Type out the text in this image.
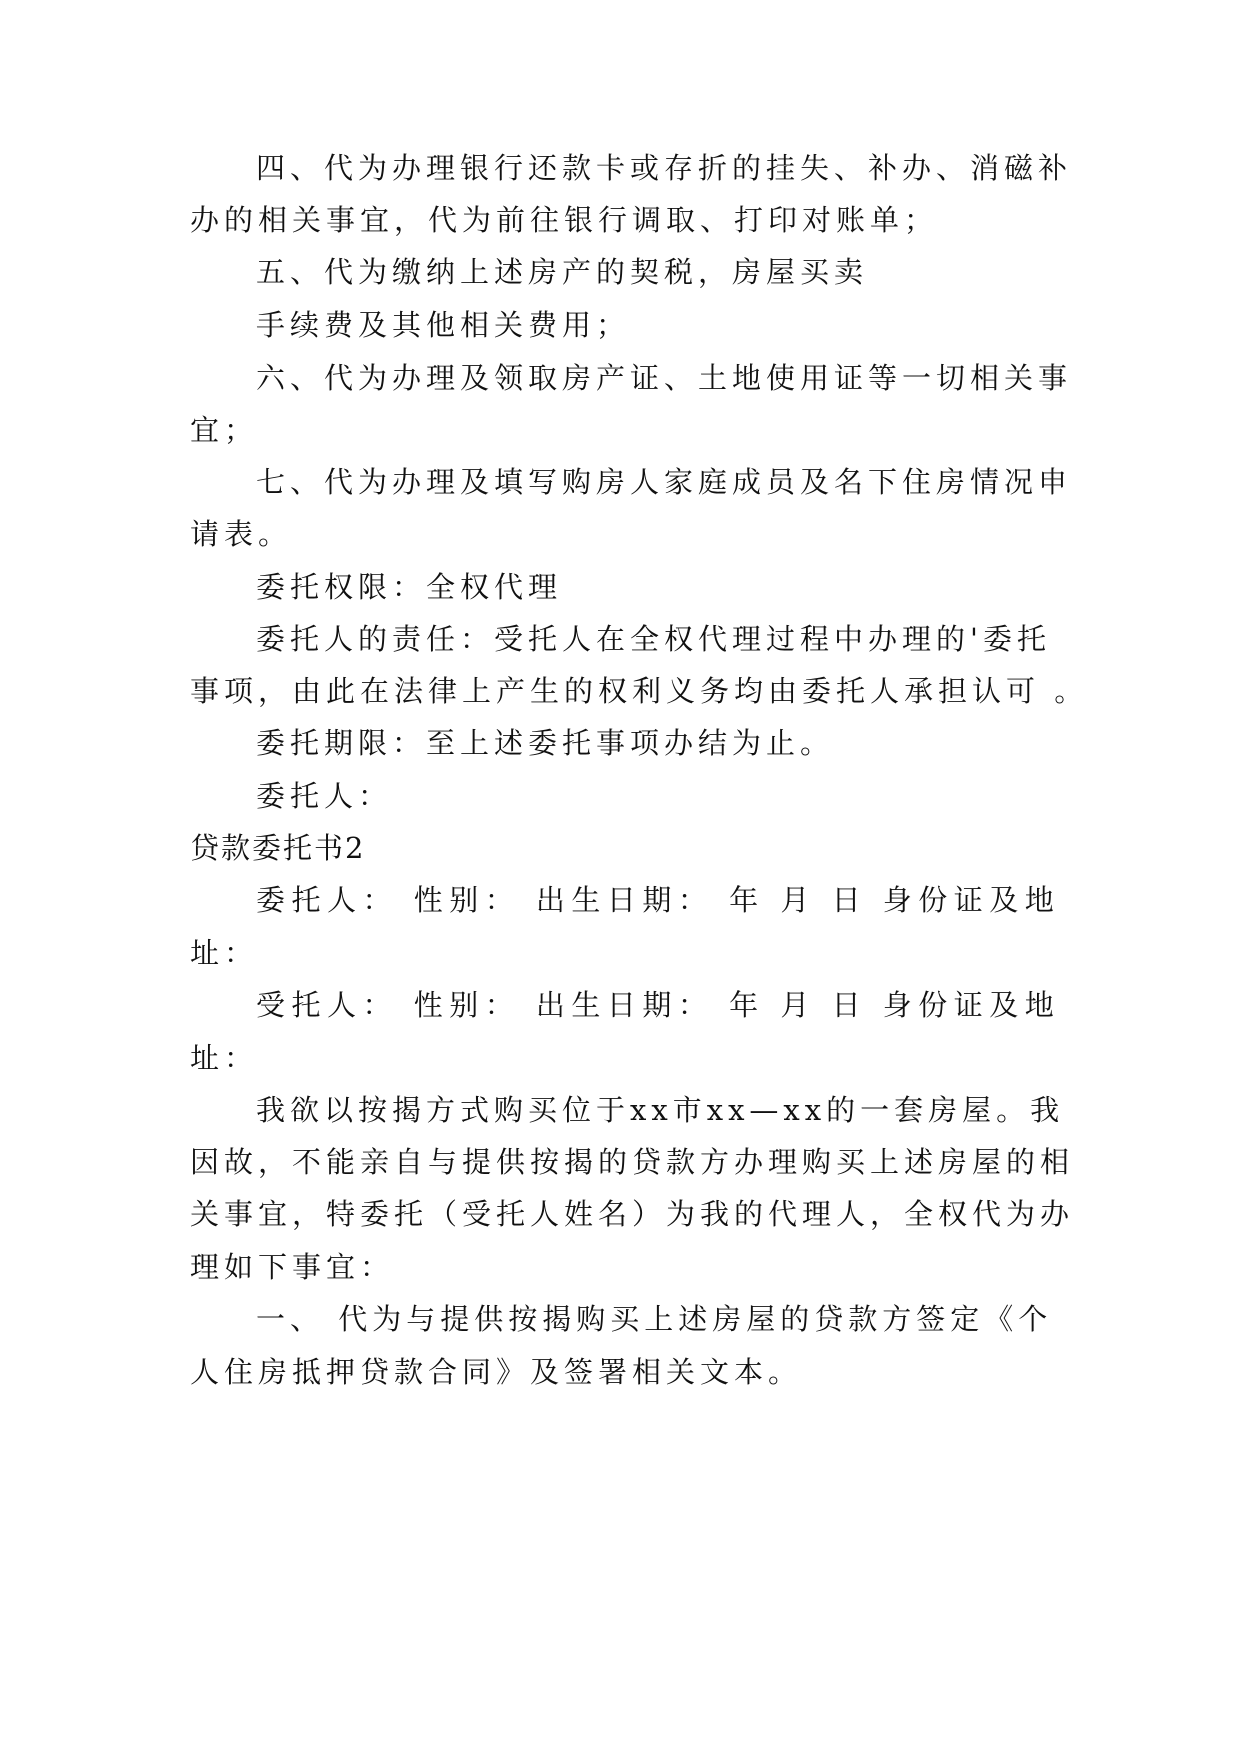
四、代为办理银行还款卡或存折的挂失、补办、消磁补
办的相关事宜，代为前往银行调取、打印对账单；
五、代为缴纳上述房产的契税，房屋买卖
手续费及其他相关费用；
六、代为办理及领取房产证、土地使用证等一切相关事
宜；
七、代为办理及填写购房人家庭成员及名下住房情况申
请表。
委托权限：全权代理
委托人的责任：受托人在全权代理过程中办理的'委托
事项，由此在法律上产生的权利义务均由委托人承担认可 。
委托期限：至上述委托事项办结为止。
委托人：
贷款委托书2
委托人： 性别： 出生日期： 年 月 日 身份证及地
址：
受托人： 性别： 出生日期： 年 月 日 身份证及地
址：
我欲以按揭方式购买位于xx市xx—xx的一套房屋。我
因故，不能亲自与提供按揭的贷款方办理购买上述房屋的相
关事宜，特委托（受托人姓名）为我的代理人，全权代为办
理如下事宜：
一、 代为与提供按揭购买上述房屋的贷款方签定《个
人住房抵押贷款合同》及签署相关文本。
